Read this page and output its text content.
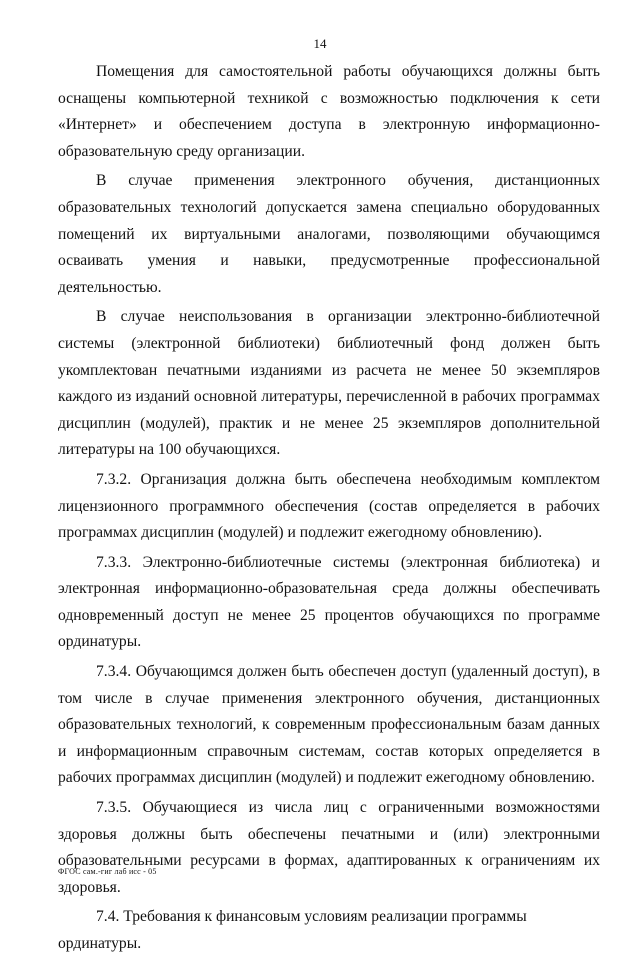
14

Помещения для самостоятельной работы обучающихся должны быть оснащены компьютерной техникой с возможностью подключения к сети «Интернет» и обеспечением доступа в электронную информационно-образовательную среду организации.

В случае применения электронного обучения, дистанционных образовательных технологий допускается замена специально оборудованных помещений их виртуальными аналогами, позволяющими обучающимся осваивать умения и навыки, предусмотренные профессиональной деятельностью.

В случае неиспользования в организации электронно-библиотечной системы (электронной библиотеки) библиотечный фонд должен быть укомплектован печатными изданиями из расчета не менее 50 экземпляров каждого из изданий основной литературы, перечисленной в рабочих программах дисциплин (модулей), практик и не менее 25 экземпляров дополнительной литературы на 100 обучающихся.

7.3.2. Организация должна быть обеспечена необходимым комплектом лицензионного программного обеспечения (состав определяется в рабочих программах дисциплин (модулей) и подлежит ежегодному обновлению).

7.3.3. Электронно-библиотечные системы (электронная библиотека) и электронная информационно-образовательная среда должны обеспечивать одновременный доступ не менее 25 процентов обучающихся по программе ординатуры.

7.3.4. Обучающимся должен быть обеспечен доступ (удаленный доступ), в том числе в случае применения электронного обучения, дистанционных образовательных технологий, к современным профессиональным базам данных и информационным справочным системам, состав которых определяется в рабочих программах дисциплин (модулей) и подлежит ежегодному обновлению.

7.3.5. Обучающиеся из числа лиц с ограниченными возможностями здоровья должны быть обеспечены печатными и (или) электронными образовательными ресурсами в формах, адаптированных к ограничениям их здоровья.

7.4. Требования к финансовым условиям реализации программы ординатуры.

ФГОС сам.-гиг лаб исс - 05
